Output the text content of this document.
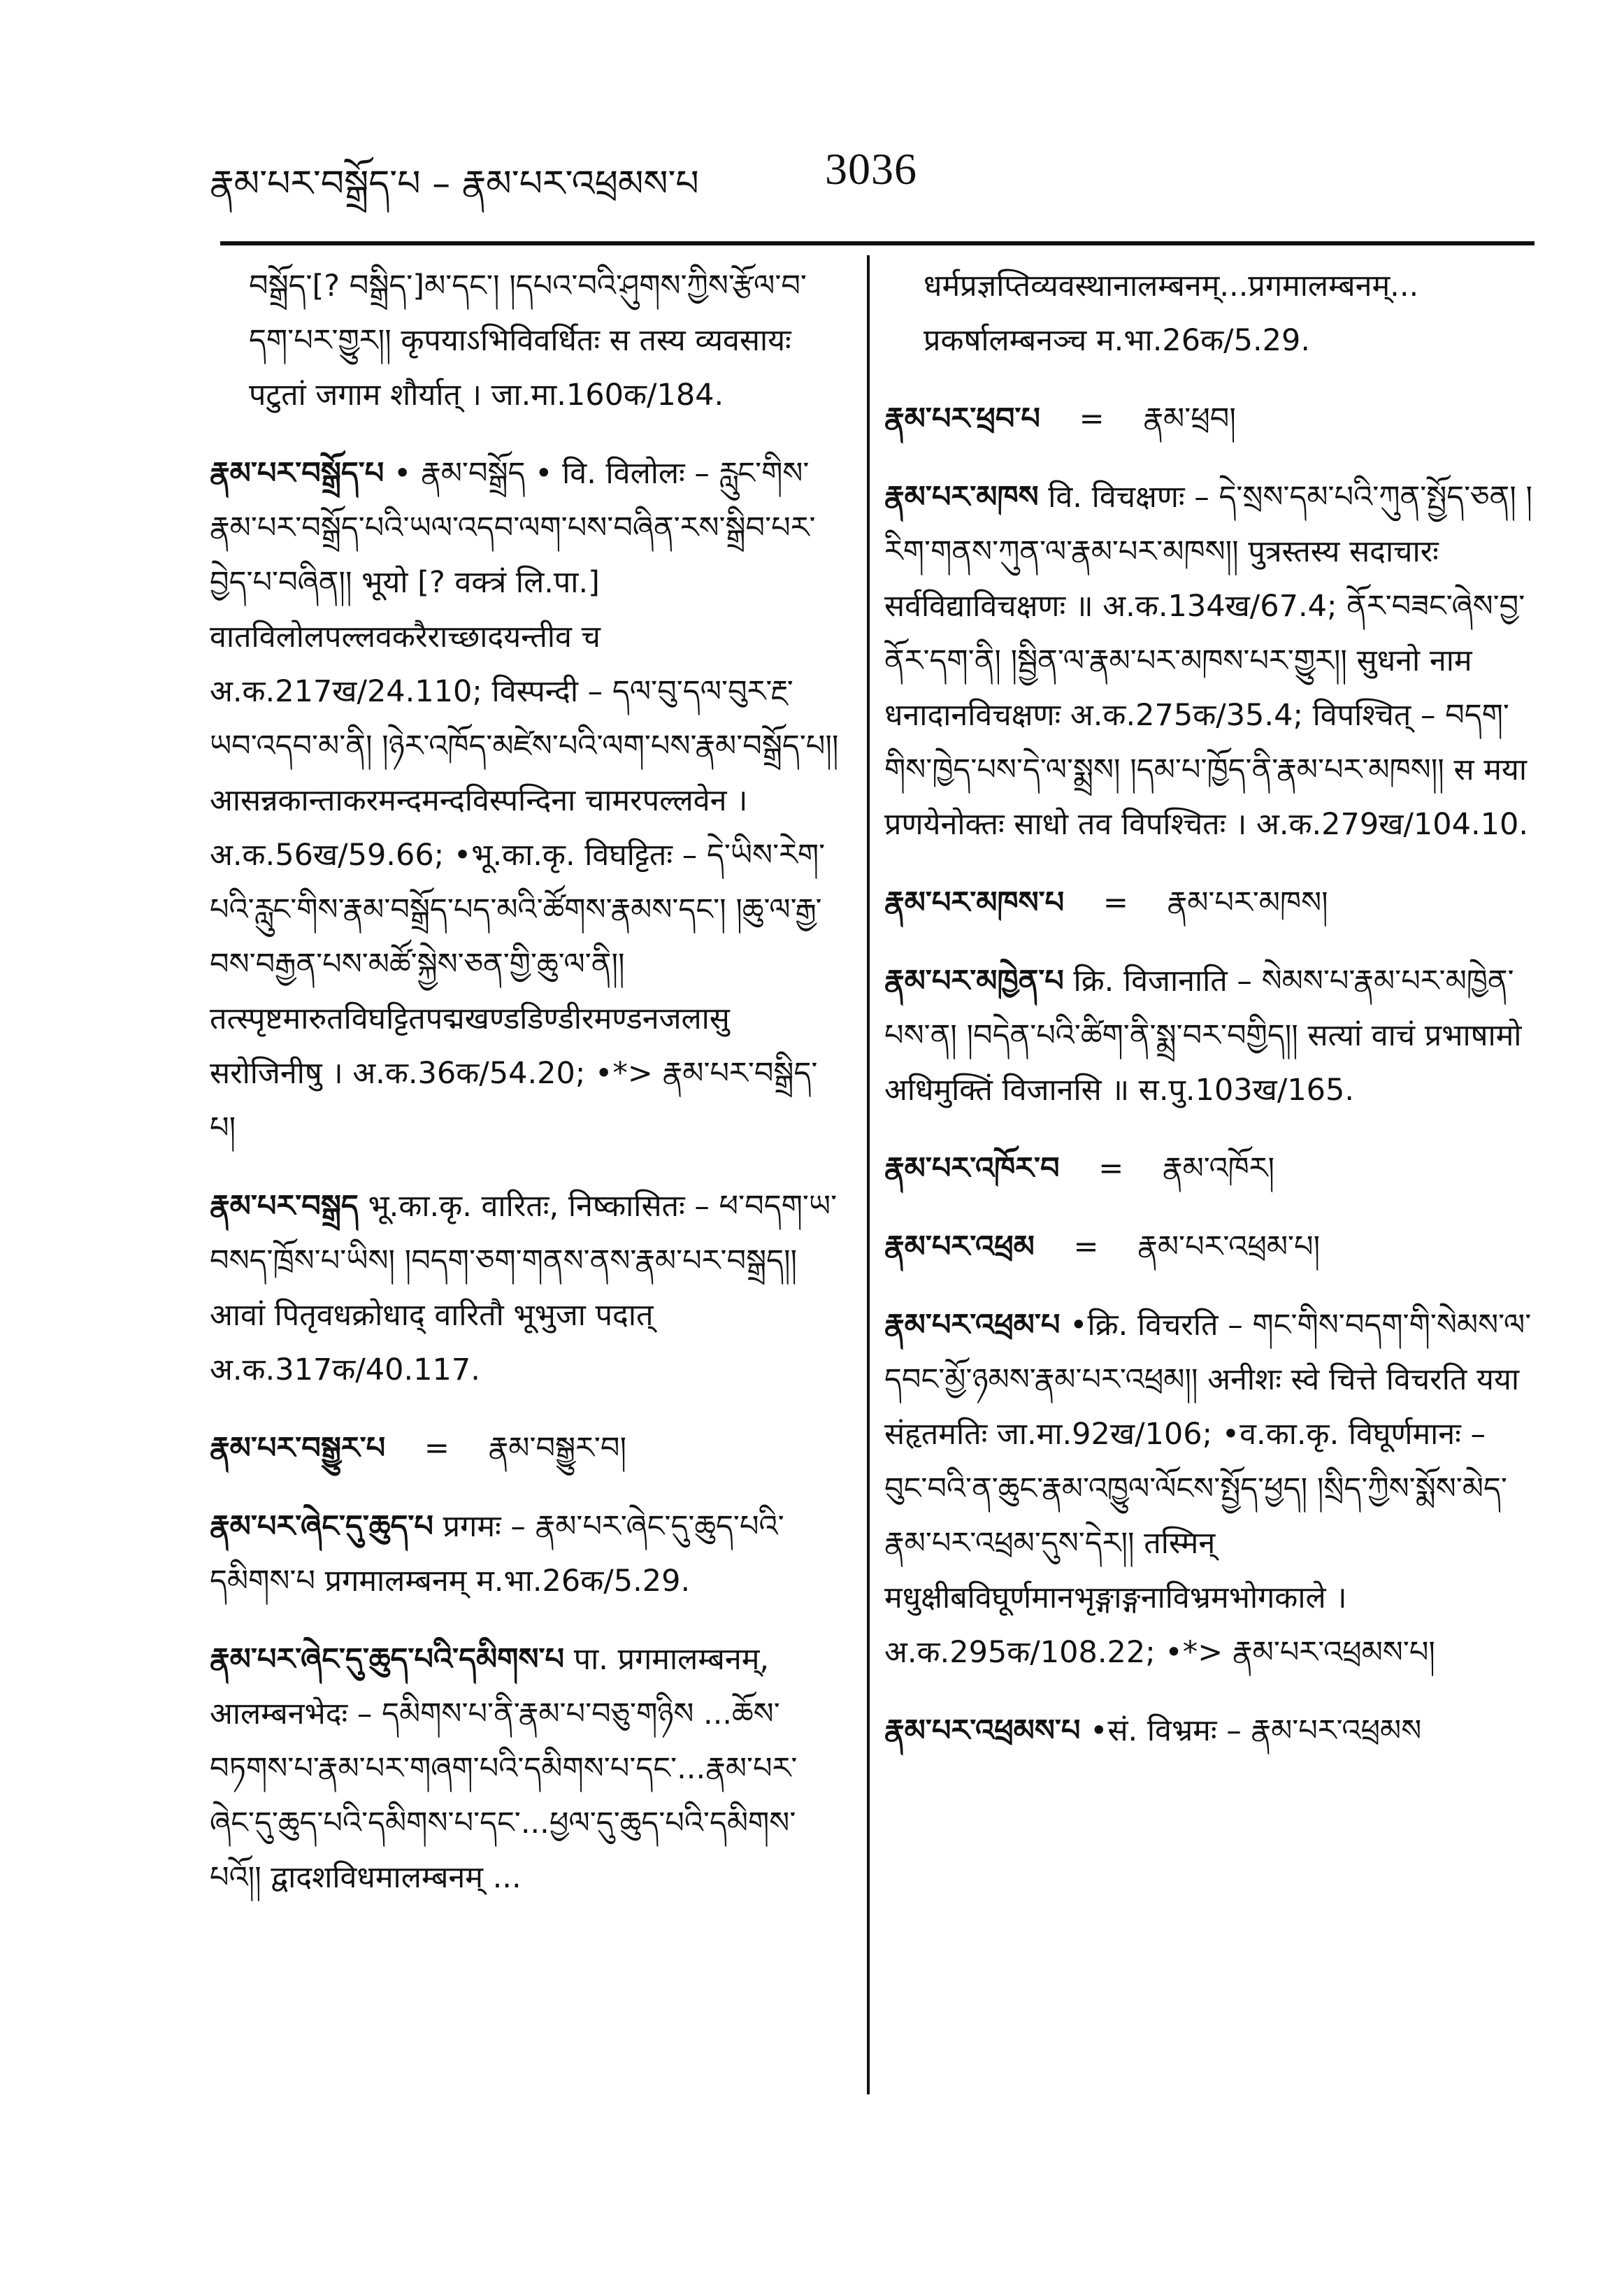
རྣམ་པར་བསྒྲོད་པ – རྣམ་པར་འཕྲམས་པ	3036
བསྒྲོད་[? བསྒྲིད་]མ་དང་། །དཔའ་བའི་ཤུགས་ཀྱིས་རྩོལ་བ་དག་པར་གྱུར།། कृपयाऽभिविवर्धितः स तस्य व्यवसायः पटुतां जगाम शौर्यात् । जा.मा.160क/184.
རྣམ་པར་བསྒྲོད་པ • རྣམ་བསྒྲོད • वि. विलोलः – རླུང་གིས་རྣམ་པར་བསྒྲོད་པའི་ཡལ་འདབ་ལག་པས་བཞིན་རས་སྒྲིབ་པར་བྱེད་པ་བཞིན།། भूयो [? वक्त्रं लि.पा.] वातविलोलपल्लवकरैराच्छादयन्तीव च अ.क.217ख/24.110; विस्पन्दी – དལ་བུ་དལ་བུར་རྔ་ཡབ་འདབ་མ་ནི། །ཉེར་འཁོད་མཛེས་པའི་ལག་པས་རྣམ་བསྒྲོད་པ།། आसन्नकान्ताकरमन्दमन्दविस्पन्दिना चामरपल्लवेन । अ.क.56ख/59.66; •भू.का.कृ. विघट्टितः – དེ་ཡིས་རེག་པའི་རླུང་གིས་རྣམ་བསྒྲོད་པད་མའི་ཚོགས་རྣམས་དང་། །ཆུ་ལ་རྒྱ་བས་བརྒྱན་པས་མཚོ་སྐྱེས་ཅན་གྱི་ཆུ་ལ་ནི།། तत्स्पृष्टमारुतविघट्टितपद्मखण्डडिण्डीरमण्डनजलासु सरोजिनीषु । अ.क.36क/54.20; •*> རྣམ་པར་བསྒྲིད་པ།
རྣམ་པར་བསྒྲད भू.का.कृ. वारितः, निष्कासितः – ཕ་བདག་ཡ་བསད་ཁྲོས་པ་ཡིས། །བདག་ཅག་གནས་ནས་རྣམ་པར་བསྒྲད།། आवां पितृवधक्रोधाद् वारितौ भूभुजा पदात् अ.क.317क/40.117.
རྣམ་པར་བསྒྱུར་པ = རྣམ་བསྒྱུར་བ།
རྣམ་པར་ཞེང་དུ་ཆུད་པ प्रगमः – རྣམ་པར་ཞེང་དུ་ཆུད་པའི་དམིགས་པ प्रगमालम्बनम् म.भा.26क/5.29.
རྣམ་པར་ཞེང་དུ་ཆུད་པའི་དམིགས་པ पा. प्रगमालम्बनम्, आलम्बनभेदः – དམིགས་པ་ནི་རྣམ་པ་བཅུ་གཉིས ...ཆོས་བཏགས་པ་རྣམ་པར་གཞག་པའི་དམིགས་པ་དང་...རྣམ་པར་ཞེང་དུ་ཆུད་པའི་དམིགས་པ་དང་...ཕྱལ་དུ་ཆུད་པའི་དམིགས་པའོ།། द्वादशविधमालम्बनम् ...
धर्मप्रज्ञप्तिव्यवस्थानालम्बनम्...प्रगमालम्बनम्... प्रकर्षालम्बनञ्च म.भा.26क/5.29.
རྣམ་པར་ཕྲབ་པ = རྣམ་ཕྲབ།
རྣམ་པར་མཁས वि. विचक्षणः – དེ་སྲས་དམ་པའི་ཀུན་སྤྱོད་ཅན། །རིག་གནས་ཀུན་ལ་རྣམ་པར་མཁས།། पुत्रस्तस्य सदाचारः सर्वविद्याविचक्षणः ॥ अ.क.134ख/67.4; ནོར་བཟང་ཞེས་བྱ་ནོར་དག་ནི། །སྦྱིན་ལ་རྣམ་པར་མཁས་པར་གྱུར།། सुधनो नाम धनादानविचक्षणः अ.क.275क/35.4; विपश्चित् – བདག་གིས་ཁྱེད་པས་དེ་ལ་སྨྲས། །དམ་པ་ཁྱོད་ནི་རྣམ་པར་མཁས།། स मया प्रणयेनोक्तः साधो तव विपश्चितः । अ.क.279ख/104.10.
རྣམ་པར་མཁས་པ = རྣམ་པར་མཁས།
རྣམ་པར་མཁྱེན་པ क्रि. विजानाति – སེམས་པ་རྣམ་པར་མཁྱེན་པས་ན། །བདེན་པའི་ཚིག་ནི་སྨྲ་བར་བགྱིད།། सत्यां वाचं प्रभाषामो अधिमुक्तिं विजानसि ॥ स.पु.103ख/165.
རྣམ་པར་འཁོར་བ = རྣམ་འཁོར།
རྣམ་པར་འཕྲམ = རྣམ་པར་འཕྲམ་པ།
རྣམ་པར་འཕྲམ་པ •क्रि. विचरति – གང་གིས་བདག་གི་སེམས་ལ་དབང་མྱོ་ཉམས་རྣམ་པར་འཕྲམ།། अनीशः स्वे चित्ते विचरति यया संहृतमतिः जा.मा.92ख/106; •व.का.कृ. विघूर्णमानः – བུང་བའི་ན་ཆུང་རྣམ་འཁྱུལ་ལོངས་སྤྱོད་ཕྱད། །སྲིད་ཀྱིས་སྨོས་མེད་རྣམ་པར་འཕྲམ་དུས་དེར།། तस्मिन् मधुक्षीबविघूर्णमानभृङ्गाङ्गनाविभ्रमभोगकाले । अ.क.295क/108.22; •*> རྣམ་པར་འཕྲམས་པ།
རྣམ་པར་འཕྲམས་པ •सं. विभ्रमः – རྣམ་པར་འཕྲམས
